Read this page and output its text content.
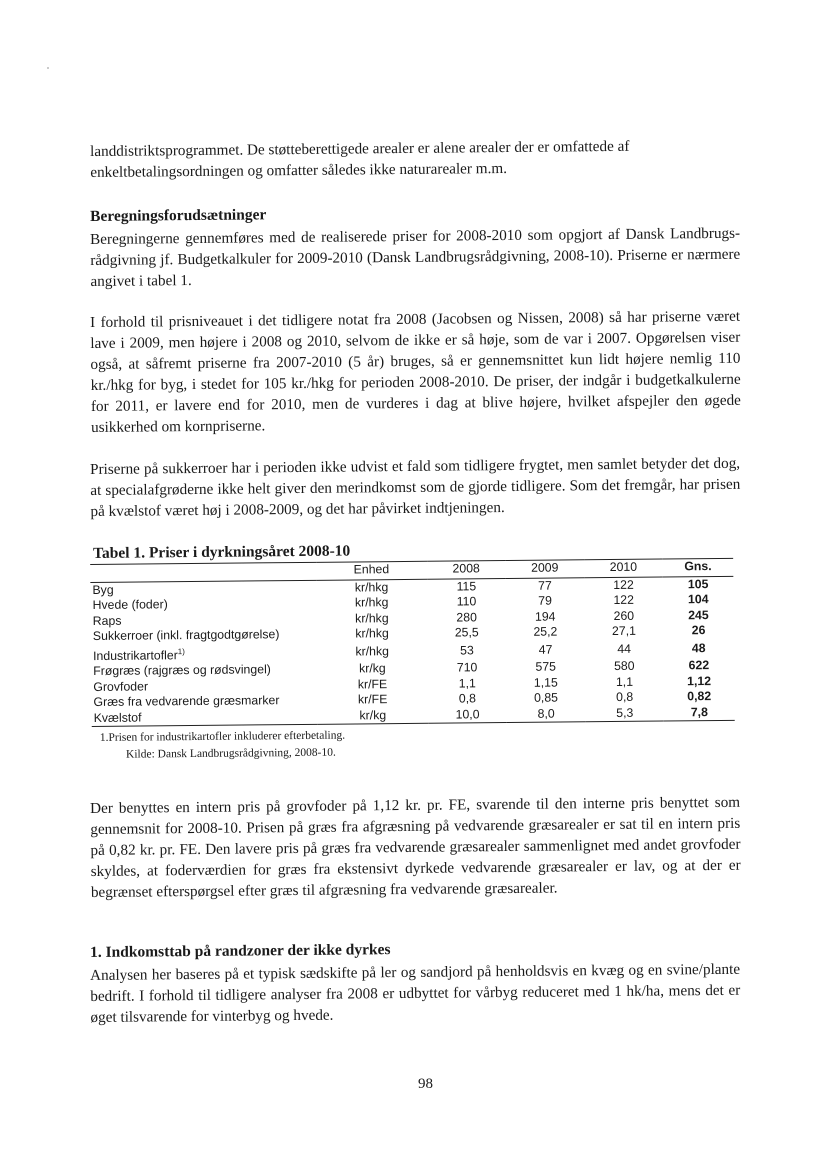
landdistriktsprogrammet. De støtteberettigede arealer er alene arealer der er omfattede af
enkeltbetalingsordningen og omfatter således ikke naturarealer m.m.
Beregningsforudsætninger
Beregningerne gennemføres med de realiserede priser for 2008-2010 som opgjort af Dansk Landbrugs-rådgivning jf. Budgetkalkuler for 2009-2010 (Dansk Landbrugsrådgivning, 2008-10). Priserne er nærmere angivet i tabel 1.
I forhold til prisniveauet i det tidligere notat fra 2008 (Jacobsen og Nissen, 2008) så har priserne været lave i 2009, men højere i 2008 og 2010, selvom de ikke er så høje, som de var i 2007. Opgørelsen viser også, at såfremt priserne fra 2007-2010 (5 år) bruges, så er gennemsnittet kun lidt højere nemlig 110 kr./hkg for byg, i stedet for 105 kr./hkg for perioden 2008-2010. De priser, der indgår i budgetkalkulerne for 2011, er lavere end for 2010, men de vurderes i dag at blive højere, hvilket afspejler den øgede usikkerhed om kornpriserne.
Priserne på sukkerroer har i perioden ikke udvist et fald som tidligere frygtet, men samlet betyder det dog, at specialafgrøderne ikke helt giver den merindkomst som de gjorde tidligere. Som det fremgår, har prisen på kvælstof været høj i 2008-2009, og det har påvirket indtjeningen.
Tabel 1. Priser i dyrkningsåret 2008-10
	Enhed	2008	2009	2010	Gns.
Byg	kr/hkg	115	77	122	105
Hvede (foder)	kr/hkg	110	79	122	104
Raps	kr/hkg	280	194	260	245
Sukkerroer (inkl. fragtgodtgørelse)	kr/hkg	25,5	25,2	27,1	26
Industrikartofler$^{1)}$	kr/hkg	53	47	44	48
Frøgræs (rajgræs og rødsvingel)	kr/kg	710	575	580	622
Grovfoder	kr/FE	1,1	1,15	1,1	1,12
Græs fra vedvarende græsmarker	kr/FE	0,8	0,85	0,8	0,82
Kvælstof	kr/kg	10,0	8,0	5,3	7,8
1.Prisen for industrikartofler inkluderer efterbetaling.
Kilde: Dansk Landbrugsrådgivning, 2008-10.
Der benyttes en intern pris på grovfoder på 1,12 kr. pr. FE, svarende til den interne pris benyttet som gennemsnit for 2008-10. Prisen på græs fra afgræsning på vedvarende græsarealer er sat til en intern pris på 0,82 kr. pr. FE. Den lavere pris på græs fra vedvarende græsarealer sammenlignet med andet grovfoder skyldes, at foderværdien for græs fra ekstensivt dyrkede vedvarende græsarealer er lav, og at der er begrænset efterspørgsel efter græs til afgræsning fra vedvarende græsarealer.
1. Indkomsttab på randzoner der ikke dyrkes
Analysen her baseres på et typisk sædskifte på ler og sandjord på henholdsvis en kvæg og en svine/plante bedrift. I forhold til tidligere analyser fra 2008 er udbyttet for vårbyg reduceret med 1 hk/ha, mens det er øget tilsvarende for vinterbyg og hvede.
98
